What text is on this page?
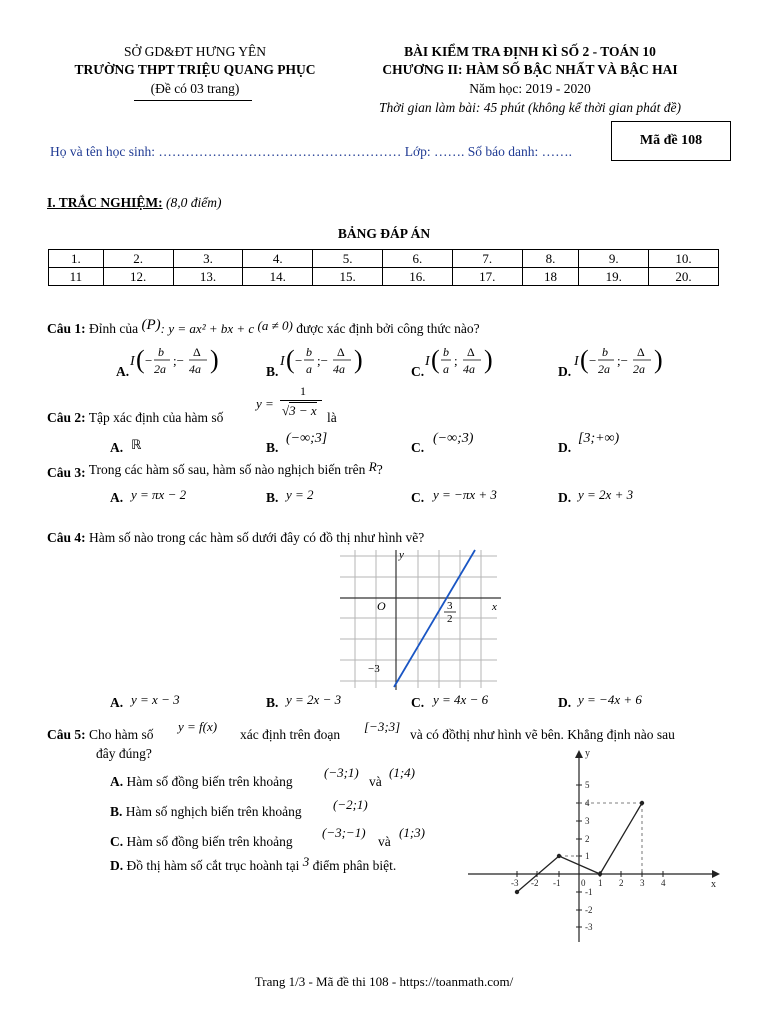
SỞ GD&ĐT HƯNG YÊN
TRƯỜNG THPT TRIỆU QUANG PHỤC
(Đề có 03 trang)
BÀI KIỂM TRA ĐỊNH KÌ SỐ 2 - TOÁN 10
CHƯƠNG II: HÀM SỐ BẬC NHẤT VÀ BẬC HAI
Năm học: 2019 - 2020
Thời gian làm bài: 45 phút (không kể thời gian phát đề)
Mã đề 108
Họ và tên học sinh: ……………………………………………… Lớp: ……. Số báo danh: …….
I. TRẮC NGHIỆM: (8,0 điểm)
BẢNG ĐÁP ÁN
1.	2.	3.	4.	5.	6.	7.	8.	9.	10.
11	12.	13.	14.	15.	16.	17.	18	19.	20.
Câu 1: Đỉnh của (P): y = ax² + bx + c (a ≠ 0) được xác định bởi công thức nào?
A.
I ( −
b
2a
;−
Δ
4a )	B.
I ( −
b
a
;−
Δ
4a )	C.
I ( b
a
;
Δ
4a )	D.
I ( −
b
2a
;−
Δ
2a )
Câu 2: Tập xác định của hàm số
y =
1
√3 − x là
A. ℝ	B.
(−∞;3]
C.
(−∞;3)
D.
[3;+∞)
Câu 3: Trong các hàm số sau, hàm số nào nghịch biến trên R?
A. y = πx − 2	B. y = 2	C. y = −πx + 3	D. y = 2x + 3
Câu 4: Hàm số nào trong các hàm số dưới đây có đồ thị như hình vẽ?
y
x
O	3
2
−3
A. y = x − 3	B. y = 2x − 3	C. y = 4x − 6	D. y = −4x + 6
Câu 5: Cho hàm số
y = f(x)
xác định trên đoạn
[−3;3]
và có đồthị như hình vẽ bên. Khẳng định nào sau
đây đúng?
A. Hàm số đồng biến trên khoảng
(−3;1)
và
(1;4)
B. Hàm số nghịch biến trên khoảng (−2;1)
C. Hàm số đồng biến trên khoảng
(−3;−1)
và
(1;3)
D. Đồ thị hàm số cắt trục hoành tại 3 điểm phân biệt.
x
y
0
-3 -2 -1	1 2 3 4
5
4
3
2
1
-1
-2
-3
Trang 1/3 - Mã đề thi 108 - https://toanmath.com/
